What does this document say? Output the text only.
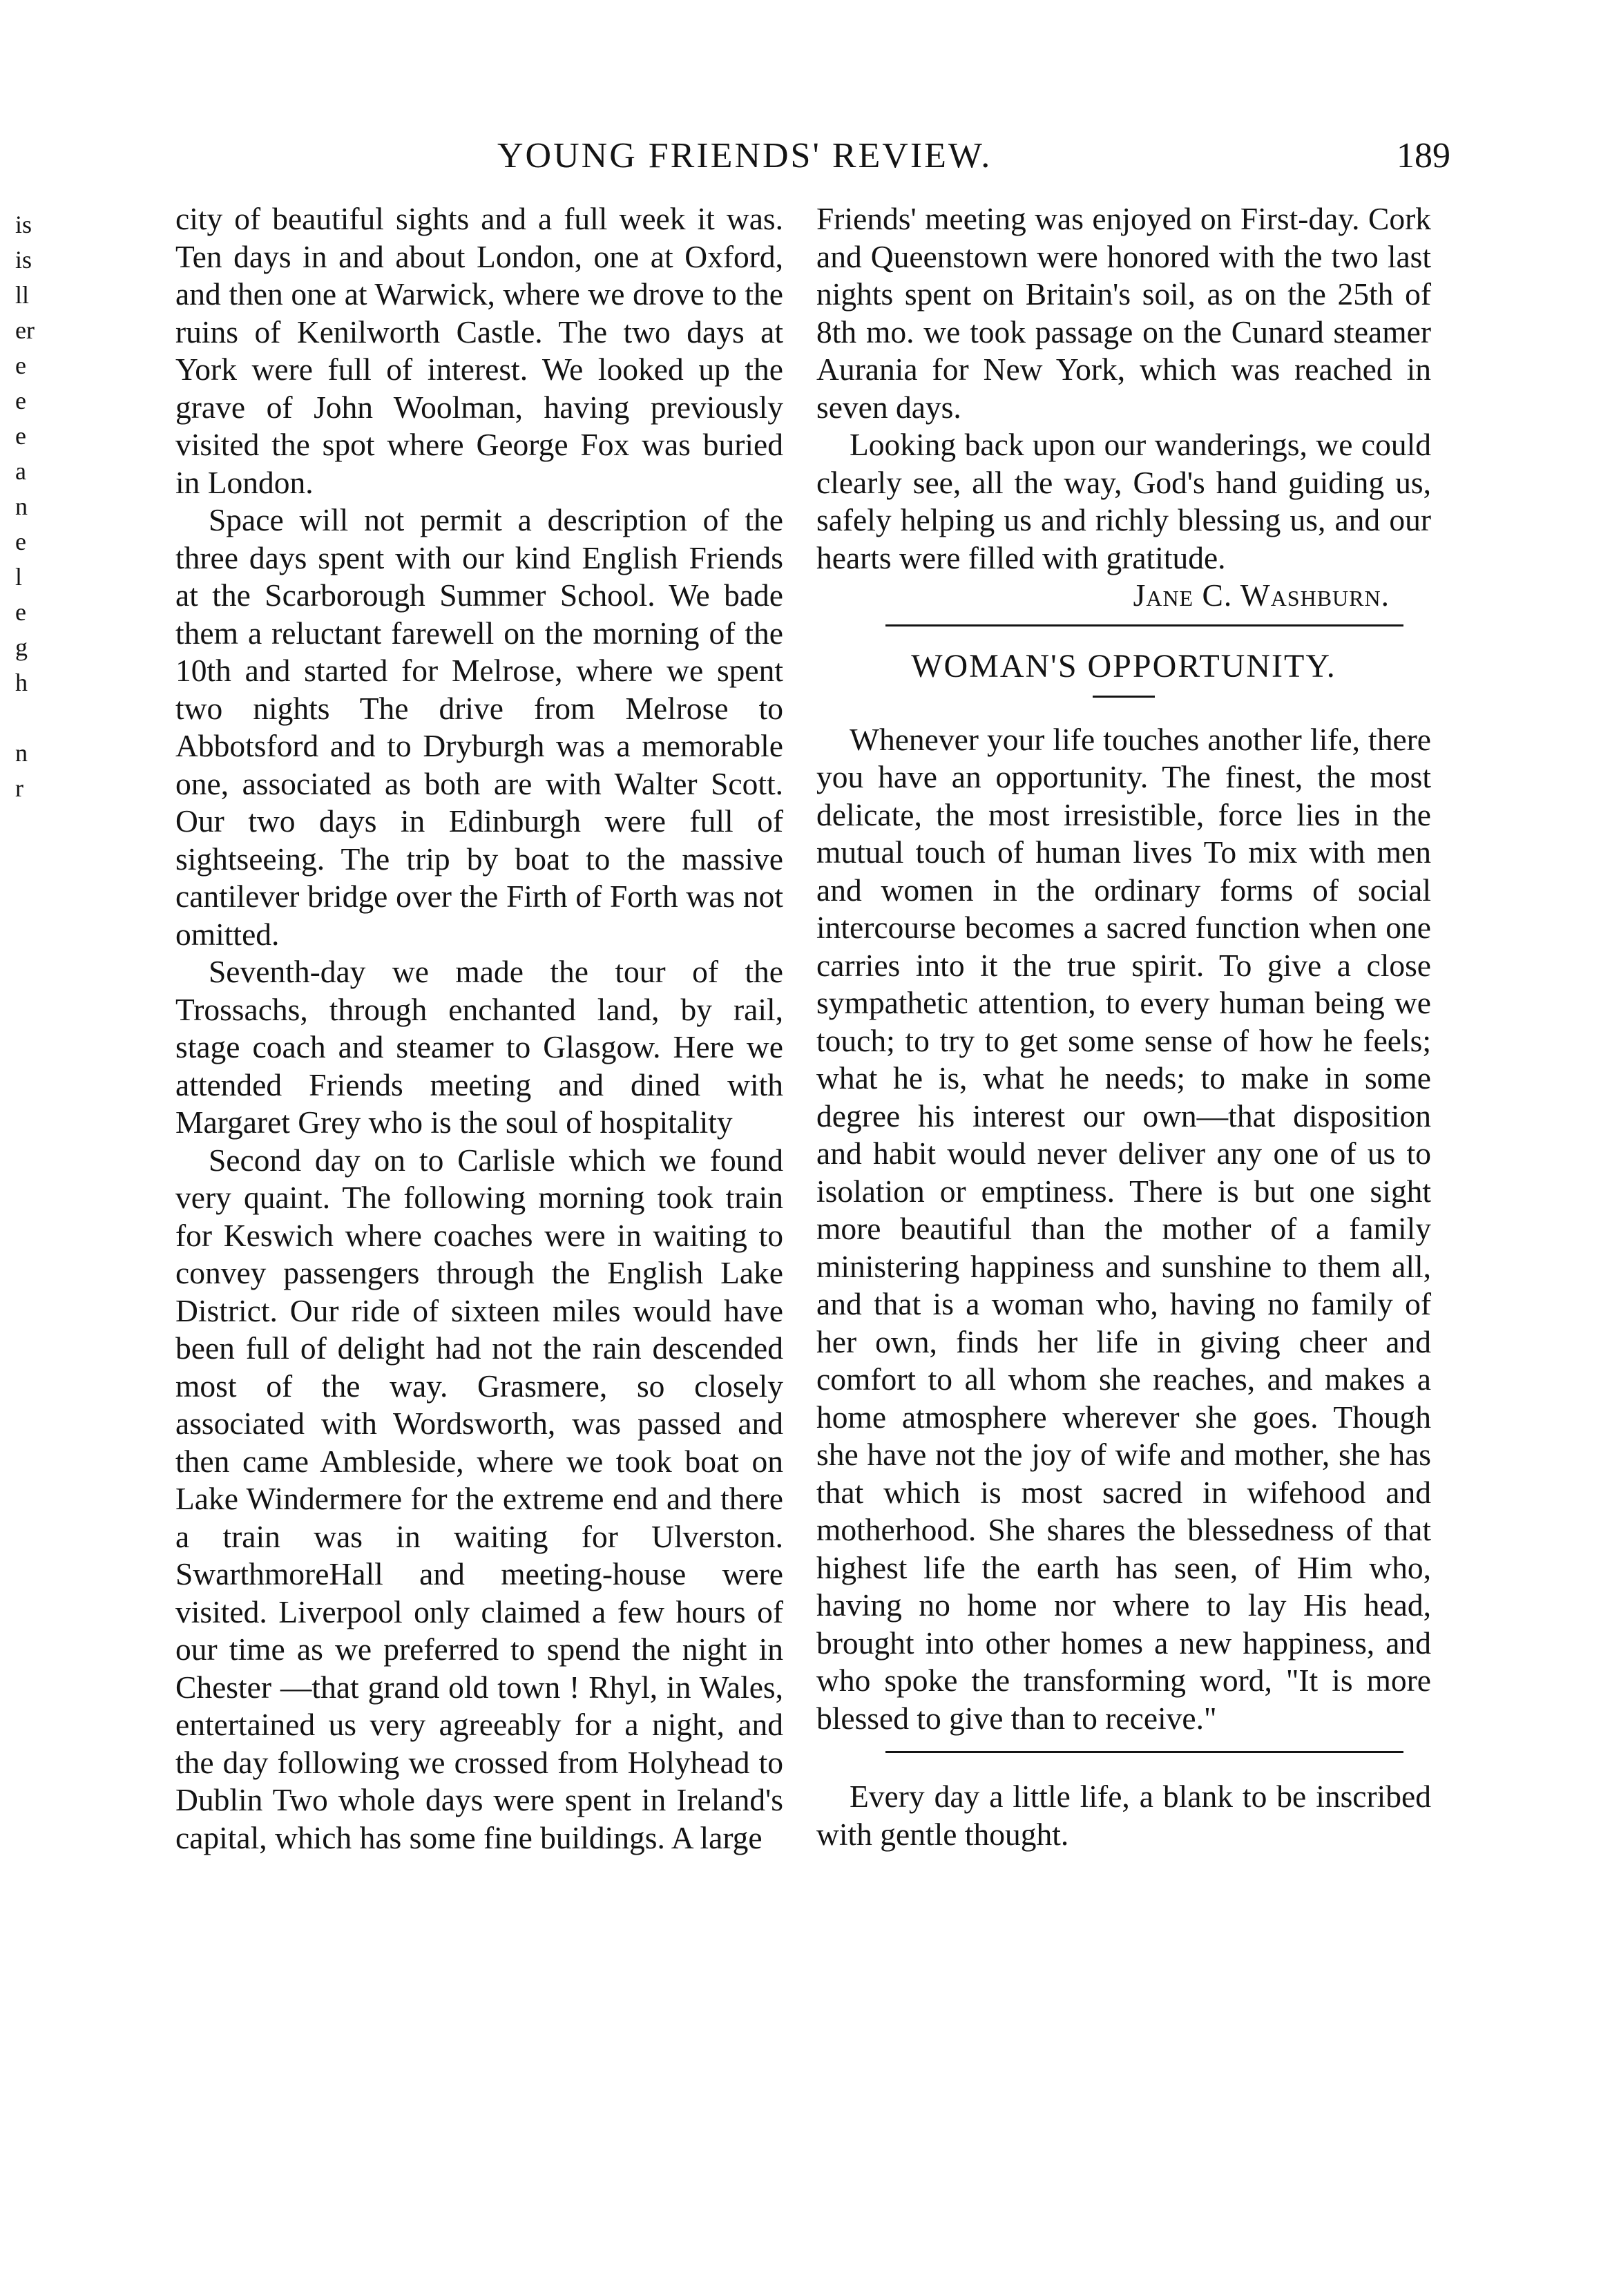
YOUNG FRIENDS' REVIEW.	189
is
is
ll
er
e
e
e
a
n
e
l
e
g
h
n
r

city of beautiful sights and a full week it was. Ten days in and about London, one at Oxford, and then one at Warwick, where we drove to the ruins of Kenilworth Castle. The two days at York were full of interest. We looked up the grave of John Woolman, having previously visited the spot where George Fox was buried in London.

Space will not permit a description of the three days spent with our kind English Friends at the Scarborough Summer School. We bade them a reluctant farewell on the morning of the 10th and started for Melrose, where we spent two nights The drive from Melrose to Abbotsford and to Dryburgh was a memorable one, associated as both are with Walter Scott. Our two days in Edinburgh were full of sightseeing. The trip by boat to the massive cantilever bridge over the Firth of Forth was not omitted.

Seventh-day we made the tour of the Trossachs, through enchanted land, by rail, stage coach and steamer to Glasgow. Here we attended Friends meeting and dined with Margaret Grey who is the soul of hospitality

Second day on to Carlisle which we found very quaint. The following morning took train for Keswich where coaches were in waiting to convey passengers through the English Lake District. Our ride of sixteen miles would have been full of delight had not the rain descended most of the way. Grasmere, so closely associated with Wordsworth, was passed and then came Ambleside, where we took boat on Lake Windermere for the extreme end and there a train was in waiting for Ulverston. SwarthmoreHall and meeting-house were visited. Liverpool only claimed a few hours of our time as we preferred to spend the night in Chester —that grand old town ! Rhyl, in Wales, entertained us very agreeably for a night, and the day following we crossed from Holyhead to Dublin Two whole days were spent in Ireland's capital, which has some fine buildings. A large

Friends' meeting was enjoyed on First-day. Cork and Queenstown were honored with the two last nights spent on Britain's soil, as on the 25th of 8th mo. we took passage on the Cunard steamer Aurania for New York, which was reached in seven days.

Looking back upon our wanderings, we could clearly see, all the way, God's hand guiding us, safely helping us and richly blessing us, and our hearts were filled with gratitude.

Jane C. Washburn.
WOMAN'S OPPORTUNITY.

Whenever your life touches another life, there you have an opportunity. The finest, the most delicate, the most irresistible, force lies in the mutual touch of human lives To mix with men and women in the ordinary forms of social intercourse becomes a sacred function when one carries into it the true spirit. To give a close sympathetic attention, to every human being we touch; to try to get some sense of how he feels; what he is, what he needs; to make in some degree his interest our own—that disposition and habit would never deliver any one of us to isolation or emptiness. There is but one sight more beautiful than the mother of a family ministering happiness and sunshine to them all, and that is a woman who, having no family of her own, finds her life in giving cheer and comfort to all whom she reaches, and makes a home atmosphere wherever she goes. Though she have not the joy of wife and mother, she has that which is most sacred in wifehood and motherhood. She shares the blessedness of that highest life the earth has seen, of Him who, having no home nor where to lay His head, brought into other homes a new happiness, and who spoke the transforming word, "It is more blessed to give than to receive."

Every day a little life, a blank to be inscribed with gentle thought.
